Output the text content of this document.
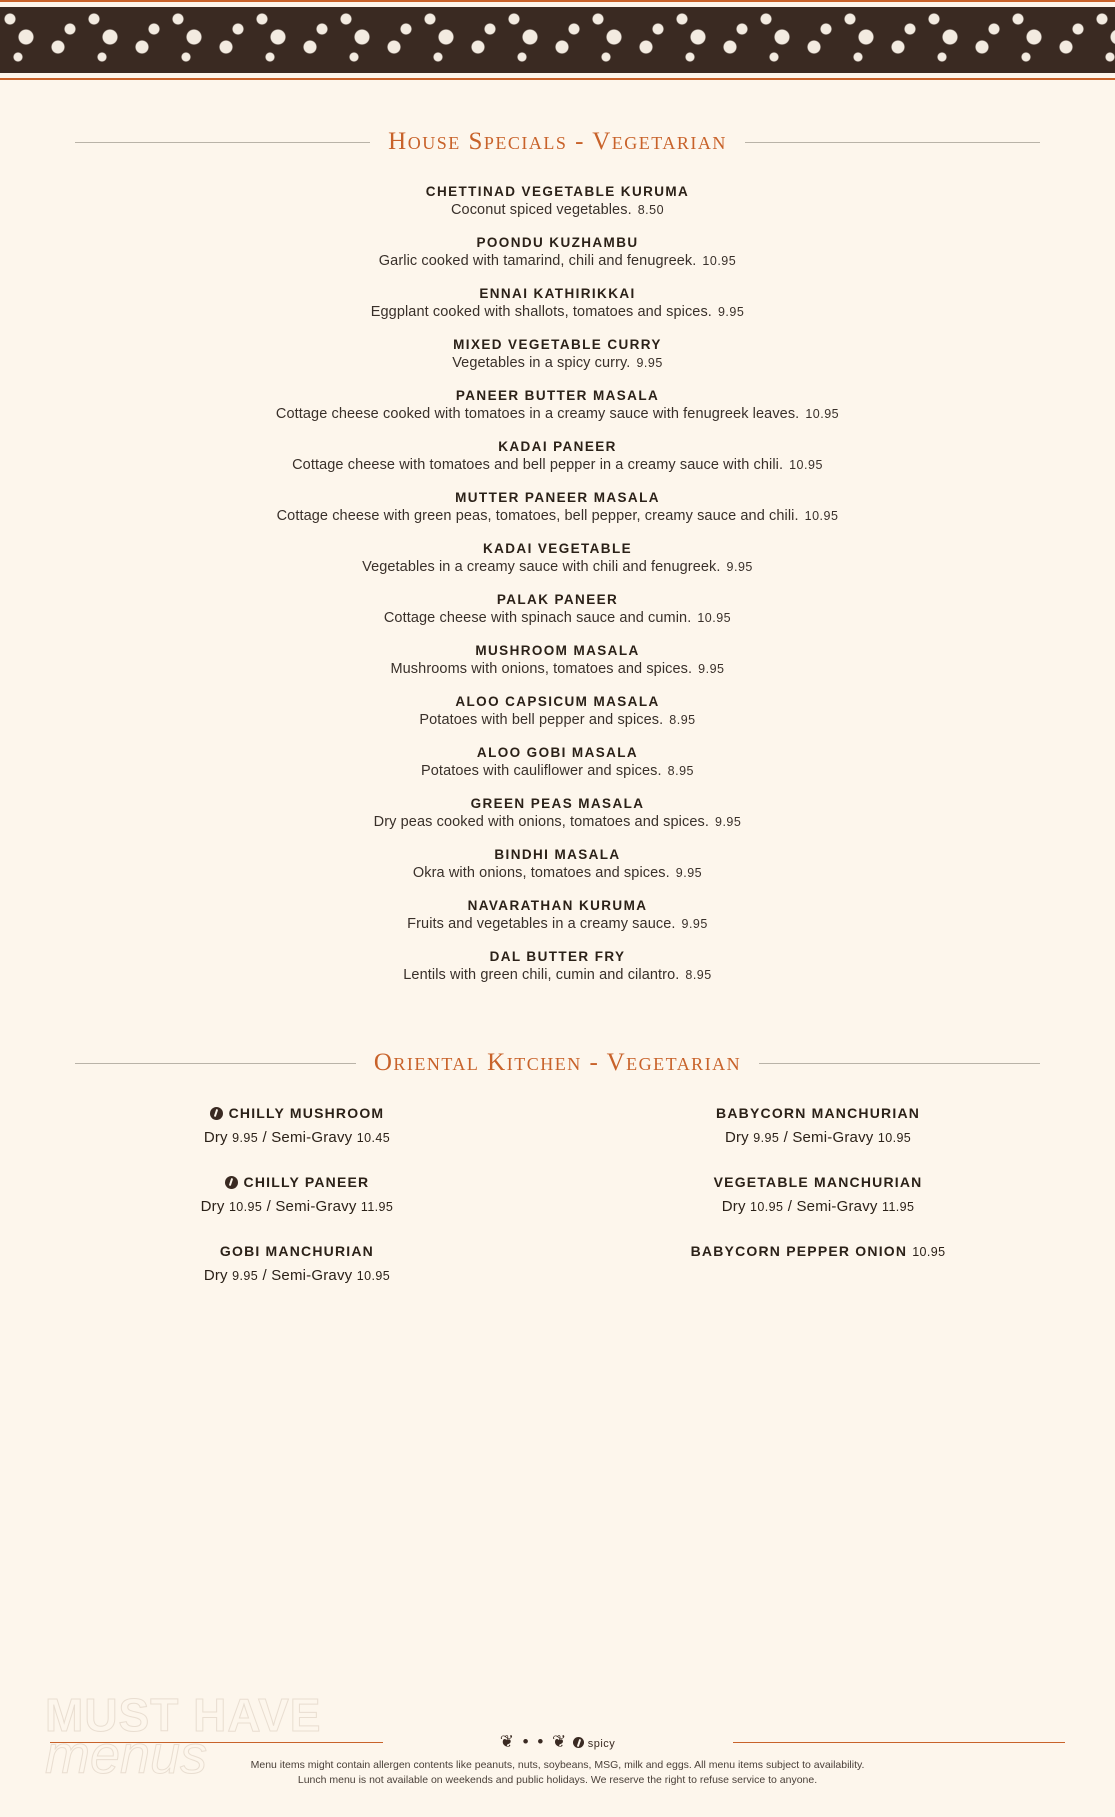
House Specials - Vegetarian
CHETTINAD VEGETABLE KURUMA
Coconut spiced vegetables. 8.50
POONDU KUZHAMBU
Garlic cooked with tamarind, chili and fenugreek. 10.95
ENNAI KATHIRIKKAI
Eggplant cooked with shallots, tomatoes and spices. 9.95
MIXED VEGETABLE CURRY
Vegetables in a spicy curry. 9.95
PANEER BUTTER MASALA
Cottage cheese cooked with tomatoes in a creamy sauce with fenugreek leaves. 10.95
KADAI PANEER
Cottage cheese with tomatoes and bell pepper in a creamy sauce with chili. 10.95
MUTTER PANEER MASALA
Cottage cheese with green peas, tomatoes, bell pepper, creamy sauce and chili. 10.95
KADAI VEGETABLE
Vegetables in a creamy sauce with chili and fenugreek. 9.95
PALAK PANEER
Cottage cheese with spinach sauce and cumin. 10.95
MUSHROOM MASALA
Mushrooms with onions, tomatoes and spices. 9.95
ALOO CAPSICUM MASALA
Potatoes with bell pepper and spices. 8.95
ALOO GOBI MASALA
Potatoes with cauliflower and spices. 8.95
GREEN PEAS MASALA
Dry peas cooked with onions, tomatoes and spices. 9.95
BINDHI MASALA
Okra with onions, tomatoes and spices. 9.95
NAVARATHAN KURUMA
Fruits and vegetables in a creamy sauce. 9.95
DAL BUTTER FRY
Lentils with green chili, cumin and cilantro. 8.95
Oriental Kitchen - Vegetarian
CHILLY MUSHROOM
Dry 9.95 / Semi-Gravy 10.45
CHILLY PANEER
Dry 10.95 / Semi-Gravy 11.95
GOBI MANCHURIAN
Dry 9.95 / Semi-Gravy 10.95
BABYCORN MANCHURIAN
Dry 9.95 / Semi-Gravy 10.95
VEGETABLE MANCHURIAN
Dry 10.95 / Semi-Gravy 11.95
BABYCORN PEPPER ONION 10.95
MUST HAVE
menus	❦ • • ❦ spicy
Menu items might contain allergen contents like peanuts, nuts, soybeans, MSG, milk and eggs. All menu items subject to availability.
Lunch menu is not available on weekends and public holidays. We reserve the right to refuse service to anyone.
